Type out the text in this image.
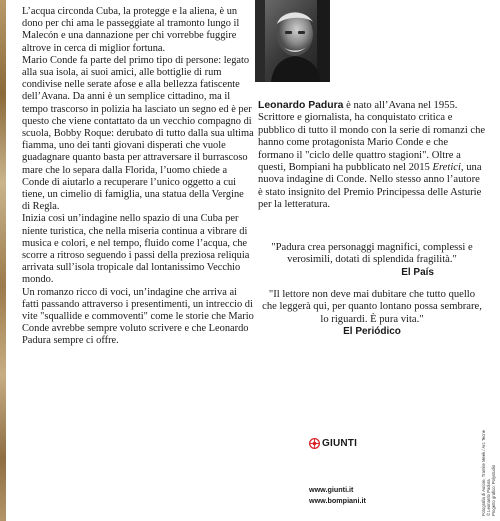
L’acqua circonda Cuba, la protegge e la aliena, è un dono per chi ama le passeggiate al tramonto lungo il Malecón e una dannazione per chi vorrebbe fuggire altrove in cerca di miglior fortuna.

Mario Conde fa parte del primo tipo di persone: legato alla sua isola, ai suoi amici, alle bottiglie di rum condivise nelle serate afose e alla bellezza fatiscente dell’Avana. Da anni è un semplice cittadino, ma il tempo trascorso in polizia ha lasciato un segno ed è per questo che viene contattato da un vecchio compagno di scuola, Bobby Roque: derubato di tutto dalla sua ultima fiamma, uno dei tanti giovani disperati che vuole guadagnare quanto basta per attraversare il burrascoso mare che lo separa dalla Florida, l’uomo chiede a Conde di aiutarlo a recuperare l’unico oggetto a cui tiene, un cimelio di famiglia, una statua della Vergine di Regla.

Inizia così un’indagine nello spazio di una Cuba per niente turistica, che nella miseria continua a vibrare di musica e colori, e nel tempo, fluido come l’acqua, che scorre a ritroso seguendo i passi della preziosa reliquia arrivata sull’isola tropicale dal lontanissimo Vecchio mondo.

Un romanzo ricco di voci, un’indagine che arriva ai fatti passando attraverso i presentimenti, un intreccio di vite "squallide e commoventi" come le storie che Mario Conde avrebbe sempre voluto scrivere e che Leonardo Padura sempre ci offre.

Leonardo Padura è nato all’Avana nel 1955. Scrittore e giornalista, ha conquistato critica e pubblico di tutto il mondo con la serie di romanzi che hanno come protagonista Mario Conde e che formano il "ciclo delle quattro stagioni". Oltre a questi, Bompiani ha pubblicato nel 2015 Eretici, una nuova indagine di Conde. Nello stesso anno l’autore è stato insignito del Premio Principessa delle Asturie per la letteratura.
"Padura crea personaggi magnifici, complessi e verosimili, dotati di splendida fragilità."
El País
"Il lettore non deve mai dubitare che tutto quello che leggerà qui, per quanto lontano possa sembrare, lo riguardi. È pura vita."
El Periódico
Fotografia di Autore, Tramite Meek / Arc Tecne © Leonardo Padura Progetto grafico: Polystudio
GIUNTI
www.giunti.it
www.bompiani.it
